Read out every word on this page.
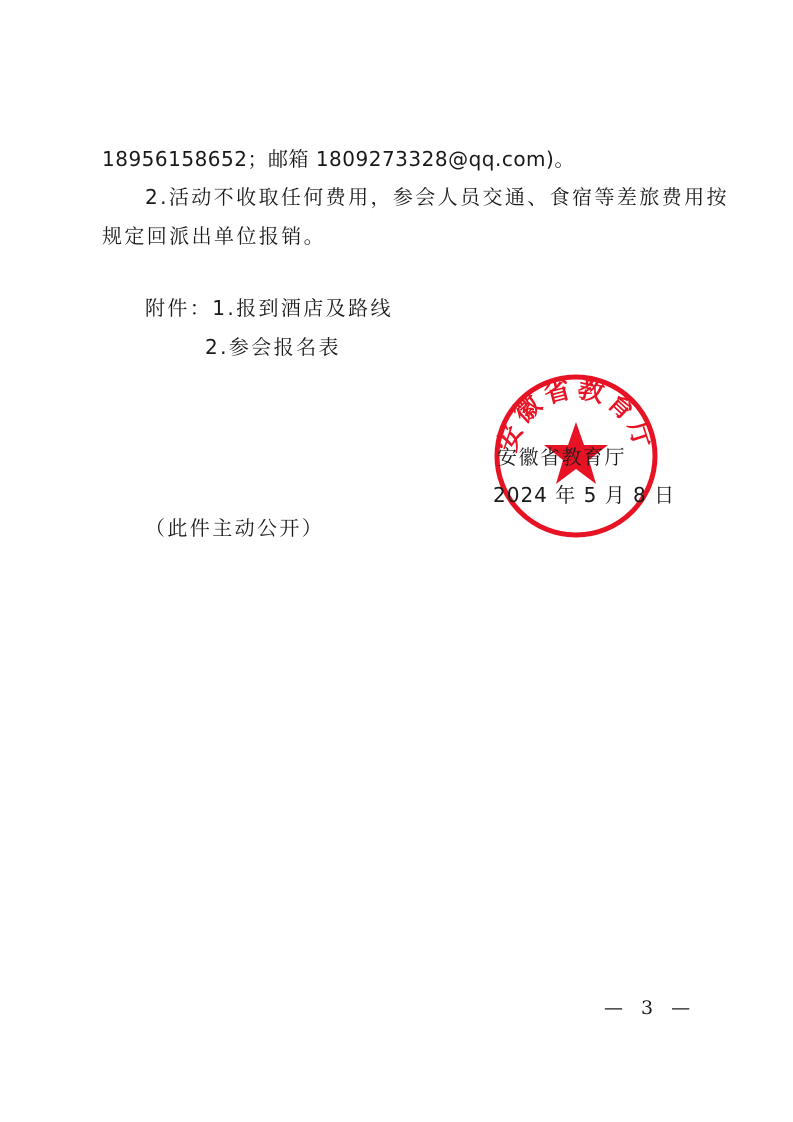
18956158652；邮箱 1809273328@qq.com)。
2.活动不收取任何费用，参会人员交通、食宿等差旅费用按
规定回派出单位报销。
附件：1.报到酒店及路线
2.参会报名表
安徽省教育厅
安徽省教育厅
2024 年 5 月 8 日
（此件主动公开）
— 3 —
